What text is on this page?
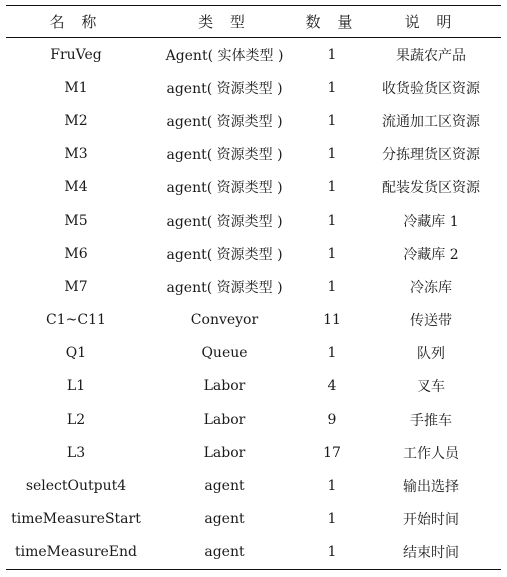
名 称	类 型	数 量	说 明
FruVeg	Agent( 实体类型 )	1	果蔬农产品
M1	agent( 资源类型 )	1	收货验货区资源
M2	agent( 资源类型 )	1	流通加工区资源
M3	agent( 资源类型 )	1	分拣理货区资源
M4	agent( 资源类型 )	1	配装发货区资源
M5	agent( 资源类型 )	1	冷藏库 1
M6	agent( 资源类型 )	1	冷藏库 2
M7	agent( 资源类型 )	1	冷冻库
C1~C11	Conveyor	11	传送带
Q1	Queue	1	队列
L1	Labor	4	叉车
L2	Labor	9	手推车
L3	Labor	17	工作人员
selectOutput4	agent	1	输出选择
timeMeasureStart	agent	1	开始时间
timeMeasureEnd	agent	1	结束时间
